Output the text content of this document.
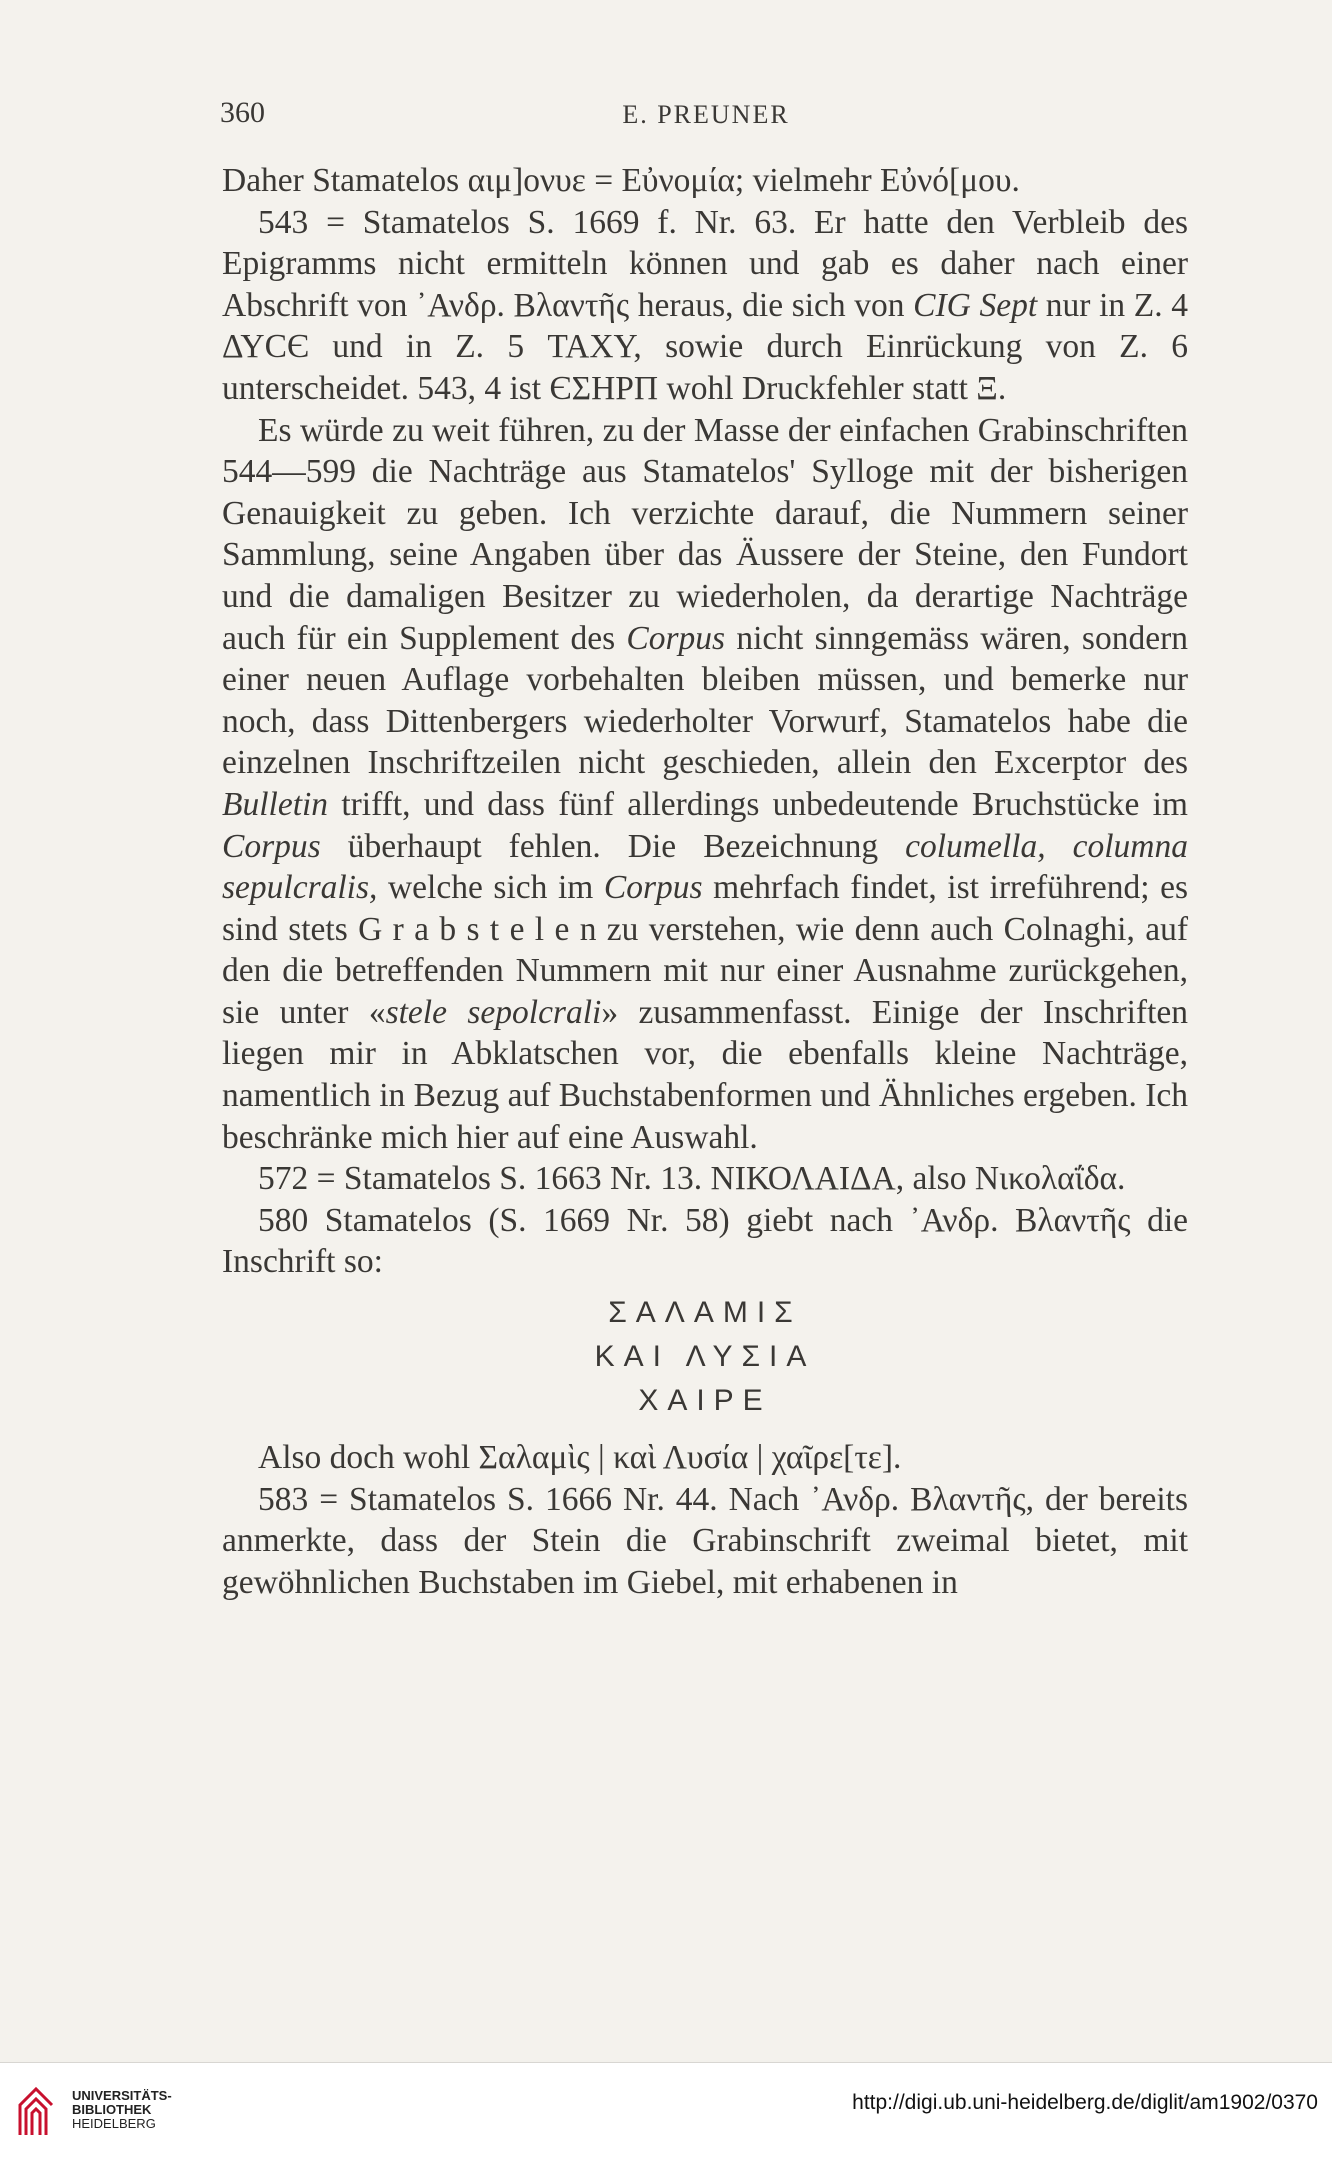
360	E. PREUNER

Daher Stamatelos αιμ]ονυε = Εὐνομία; vielmehr Εὐνό[μου.

543 = Stamatelos S. 1669 f. Nr. 63. Er hatte den Verbleib des Epigramms nicht ermitteln können und gab es daher nach einer Abschrift von ᾿Ανδρ. Βλαντῆς heraus, die sich von CIG Sept nur in Z. 4 ΔΥCЄ und in Z. 5 ΤΑΧΥ, sowie durch Einrückung von Z. 6 unterscheidet. 543, 4 ist ЄΣΗΡΠ wohl Druckfehler statt Ξ.

Es würde zu weit führen, zu der Masse der einfachen Grabinschriften 544—599 die Nachträge aus Stamatelos' Sylloge mit der bisherigen Genauigkeit zu geben. Ich verzichte darauf, die Nummern seiner Sammlung, seine Angaben über das Äussere der Steine, den Fundort und die damaligen Besitzer zu wiederholen, da derartige Nachträge auch für ein Supplement des Corpus nicht sinngemäss wären, sondern einer neuen Auflage vorbehalten bleiben müssen, und bemerke nur noch, dass Dittenbergers wiederholter Vorwurf, Stamatelos habe die einzelnen Inschriftzeilen nicht geschieden, allein den Excerptor des Bulletin trifft, und dass fünf allerdings unbedeutende Bruchstücke im Corpus überhaupt fehlen. Die Bezeichnung columella, columna sepulcralis, welche sich im Corpus mehrfach findet, ist irreführend; es sind stets G r a b s t e l e n zu verstehen, wie denn auch Colnaghi, auf den die betreffenden Nummern mit nur einer Ausnahme zurückgehen, sie unter «stele sepolcrali» zusammenfasst. Einige der Inschriften liegen mir in Abklatschen vor, die ebenfalls kleine Nachträge, namentlich in Bezug auf Buchstabenformen und Ähnliches ergeben. Ich beschränke mich hier auf eine Auswahl.

572 = Stamatelos S. 1663 Nr. 13. ΝΙΚΟΛΑΙΔΑ, also Νικολαΐδα.

580 Stamatelos (S. 1669 Nr. 58) giebt nach ᾿Ανδρ. Βλαντῆς die Inschrift so:

ΣΑΛΑΜΙΣ
ΚΑΙ ΛΥΣΙΑ
ΧΑΙΡΕ

Also doch wohl Σαλαμὶς | καὶ Λυσία | χαῖρε[τε].

583 = Stamatelos S. 1666 Nr. 44. Nach ᾿Ανδρ. Βλαντῆς, der bereits anmerkte, dass der Stein die Grabinschrift zweimal bietet, mit gewöhnlichen Buchstaben im Giebel, mit erhabenen in

UNIVERSITÄTS-
BIBLIOTHEK
HEIDELBERG
http://digi.ub.uni-heidelberg.de/diglit/am1902/0370
